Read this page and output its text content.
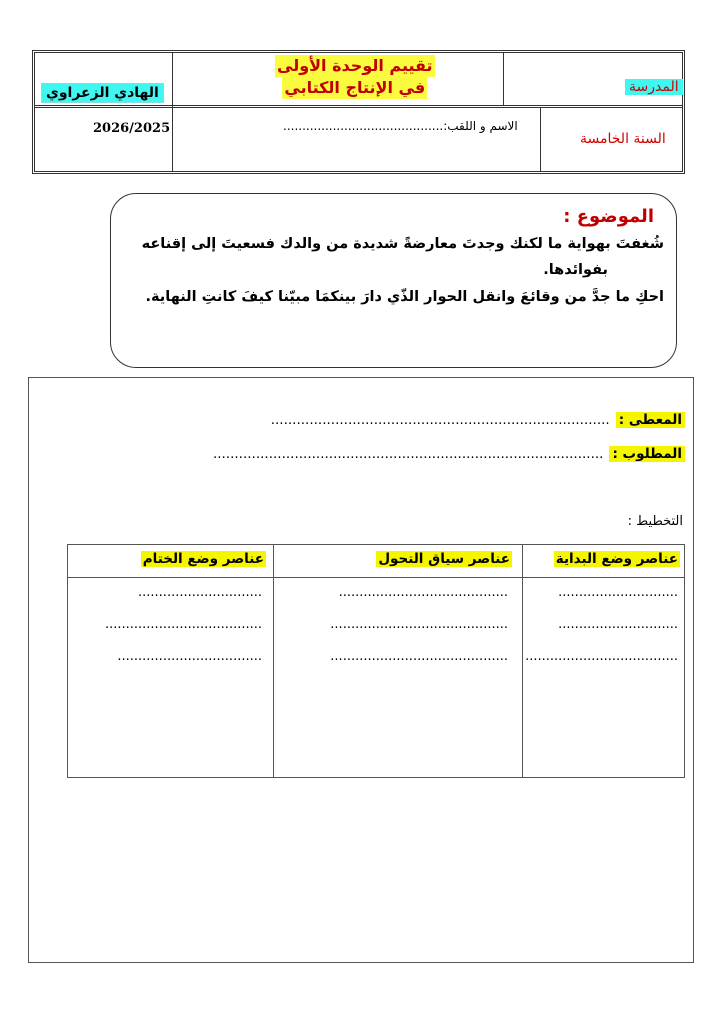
الهادي الزعراوي
تقييم الوحدة الأولى
في الإنتاج الكتابي	المدرسة
2026/2025	الاسم و اللقب:..........................................
السنة الخامسة
الموضوع :
شُغفتَ بهواية ما لكنك وجدتَ معارضةً شديدة من والدك فسعيتَ إلى إقناعه
بفوائدها.
احكِ ما جدَّ من وقائعَ وانقل الحوار الذّي دارَ بينكمَا مبيّنا كيفَ كانتِ النهاية.
المعطى :...............................................................................
المطلوب :...........................................................................................
التخطيط :
عناصر وضع البداية
عناصر سياق التحول
عناصر وضع الختام
.............................
.............................
.....................................
.........................................
...........................................
...........................................
..............................
......................................
...................................
